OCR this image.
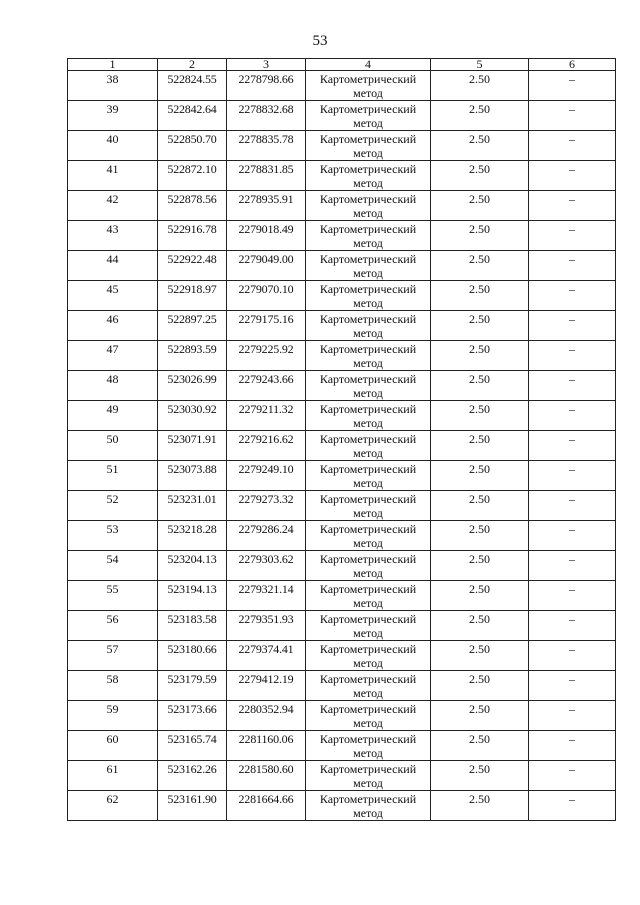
53
1	2	3	4	5	6
38	522824.55	2278798.66	Картометрический метод	2.50	–
39	522842.64	2278832.68	Картометрический метод	2.50	–
40	522850.70	2278835.78	Картометрический метод	2.50	–
41	522872.10	2278831.85	Картометрический метод	2.50	–
42	522878.56	2278935.91	Картометрический метод	2.50	–
43	522916.78	2279018.49	Картометрический метод	2.50	–
44	522922.48	2279049.00	Картометрический метод	2.50	–
45	522918.97	2279070.10	Картометрический метод	2.50	–
46	522897.25	2279175.16	Картометрический метод	2.50	–
47	522893.59	2279225.92	Картометрический метод	2.50	–
48	523026.99	2279243.66	Картометрический метод	2.50	–
49	523030.92	2279211.32	Картометрический метод	2.50	–
50	523071.91	2279216.62	Картометрический метод	2.50	–
51	523073.88	2279249.10	Картометрический метод	2.50	–
52	523231.01	2279273.32	Картометрический метод	2.50	–
53	523218.28	2279286.24	Картометрический метод	2.50	–
54	523204.13	2279303.62	Картометрический метод	2.50	–
55	523194.13	2279321.14	Картометрический метод	2.50	–
56	523183.58	2279351.93	Картометрический метод	2.50	–
57	523180.66	2279374.41	Картометрический метод	2.50	–
58	523179.59	2279412.19	Картометрический метод	2.50	–
59	523173.66	2280352.94	Картометрический метод	2.50	–
60	523165.74	2281160.06	Картометрический метод	2.50	–
61	523162.26	2281580.60	Картометрический метод	2.50	–
62	523161.90	2281664.66	Картометрический метод	2.50	–
